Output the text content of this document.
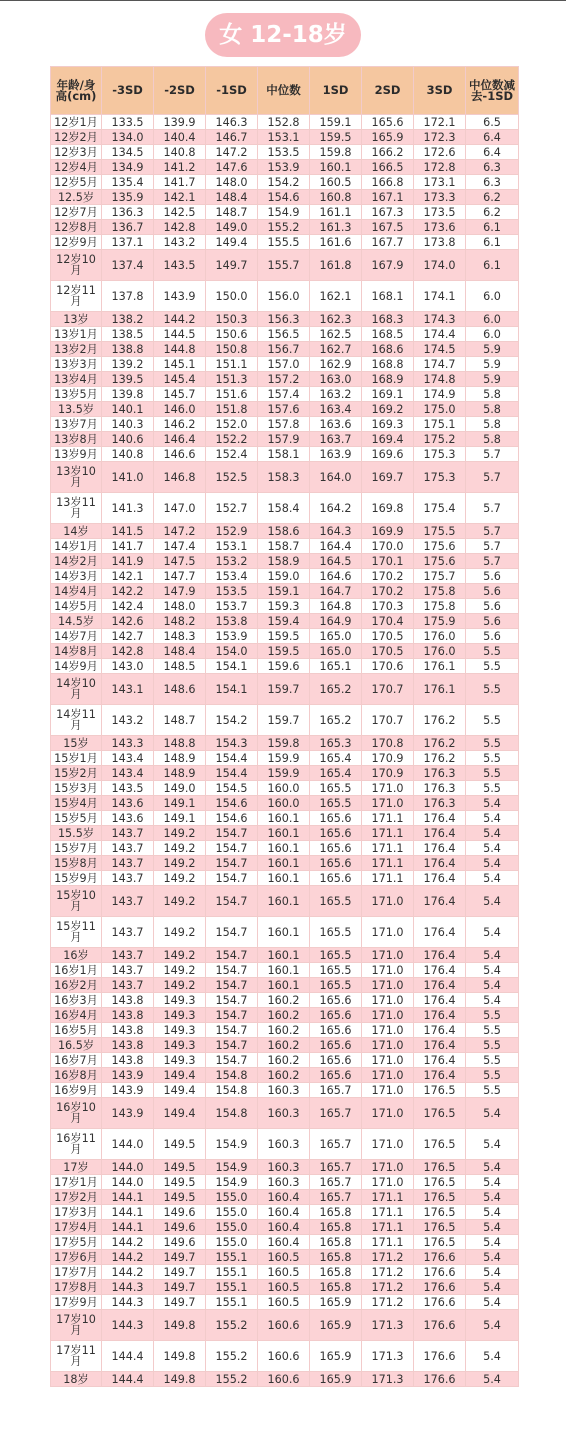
女 12-18岁
年龄/身高(cm)	-3SD	-2SD	-1SD	中位数	1SD	2SD	3SD	中位数减去-1SD
12岁1月	133.5	139.9	146.3	152.8	159.1	165.6	172.1	6.5
12岁2月	134.0	140.4	146.7	153.1	159.5	165.9	172.3	6.4
12岁3月	134.5	140.8	147.2	153.5	159.8	166.2	172.6	6.4
12岁4月	134.9	141.2	147.6	153.9	160.1	166.5	172.8	6.3
12岁5月	135.4	141.7	148.0	154.2	160.5	166.8	173.1	6.3
12.5岁	135.9	142.1	148.4	154.6	160.8	167.1	173.3	6.2
12岁7月	136.3	142.5	148.7	154.9	161.1	167.3	173.5	6.2
12岁8月	136.7	142.8	149.0	155.2	161.3	167.5	173.6	6.1
12岁9月	137.1	143.2	149.4	155.5	161.6	167.7	173.8	6.1
12岁10月	137.4	143.5	149.7	155.7	161.8	167.9	174.0	6.1
12岁11月	137.8	143.9	150.0	156.0	162.1	168.1	174.1	6.0
13岁	138.2	144.2	150.3	156.3	162.3	168.3	174.3	6.0
13岁1月	138.5	144.5	150.6	156.5	162.5	168.5	174.4	6.0
13岁2月	138.8	144.8	150.8	156.7	162.7	168.6	174.5	5.9
13岁3月	139.2	145.1	151.1	157.0	162.9	168.8	174.7	5.9
13岁4月	139.5	145.4	151.3	157.2	163.0	168.9	174.8	5.9
13岁5月	139.8	145.7	151.6	157.4	163.2	169.1	174.9	5.8
13.5岁	140.1	146.0	151.8	157.6	163.4	169.2	175.0	5.8
13岁7月	140.3	146.2	152.0	157.8	163.6	169.3	175.1	5.8
13岁8月	140.6	146.4	152.2	157.9	163.7	169.4	175.2	5.8
13岁9月	140.8	146.6	152.4	158.1	163.9	169.6	175.3	5.7
13岁10月	141.0	146.8	152.5	158.3	164.0	169.7	175.3	5.7
13岁11月	141.3	147.0	152.7	158.4	164.2	169.8	175.4	5.7
14岁	141.5	147.2	152.9	158.6	164.3	169.9	175.5	5.7
14岁1月	141.7	147.4	153.1	158.7	164.4	170.0	175.6	5.7
14岁2月	141.9	147.5	153.2	158.9	164.5	170.1	175.6	5.7
14岁3月	142.1	147.7	153.4	159.0	164.6	170.2	175.7	5.6
14岁4月	142.2	147.9	153.5	159.1	164.7	170.2	175.8	5.6
14岁5月	142.4	148.0	153.7	159.3	164.8	170.3	175.8	5.6
14.5岁	142.6	148.2	153.8	159.4	164.9	170.4	175.9	5.6
14岁7月	142.7	148.3	153.9	159.5	165.0	170.5	176.0	5.6
14岁8月	142.8	148.4	154.0	159.5	165.0	170.5	176.0	5.5
14岁9月	143.0	148.5	154.1	159.6	165.1	170.6	176.1	5.5
14岁10月	143.1	148.6	154.1	159.7	165.2	170.7	176.1	5.5
14岁11月	143.2	148.7	154.2	159.7	165.2	170.7	176.2	5.5
15岁	143.3	148.8	154.3	159.8	165.3	170.8	176.2	5.5
15岁1月	143.4	148.9	154.4	159.9	165.4	170.9	176.2	5.5
15岁2月	143.4	148.9	154.4	159.9	165.4	170.9	176.3	5.5
15岁3月	143.5	149.0	154.5	160.0	165.5	171.0	176.3	5.5
15岁4月	143.6	149.1	154.6	160.0	165.5	171.0	176.3	5.4
15岁5月	143.6	149.1	154.6	160.1	165.6	171.1	176.4	5.4
15.5岁	143.7	149.2	154.7	160.1	165.6	171.1	176.4	5.4
15岁7月	143.7	149.2	154.7	160.1	165.6	171.1	176.4	5.4
15岁8月	143.7	149.2	154.7	160.1	165.6	171.1	176.4	5.4
15岁9月	143.7	149.2	154.7	160.1	165.6	171.1	176.4	5.4
15岁10月	143.7	149.2	154.7	160.1	165.5	171.0	176.4	5.4
15岁11月	143.7	149.2	154.7	160.1	165.5	171.0	176.4	5.4
16岁	143.7	149.2	154.7	160.1	165.5	171.0	176.4	5.4
16岁1月	143.7	149.2	154.7	160.1	165.5	171.0	176.4	5.4
16岁2月	143.7	149.2	154.7	160.1	165.5	171.0	176.4	5.4
16岁3月	143.8	149.3	154.7	160.2	165.6	171.0	176.4	5.4
16岁4月	143.8	149.3	154.7	160.2	165.6	171.0	176.4	5.5
16岁5月	143.8	149.3	154.7	160.2	165.6	171.0	176.4	5.5
16.5岁	143.8	149.3	154.7	160.2	165.6	171.0	176.4	5.5
16岁7月	143.8	149.3	154.7	160.2	165.6	171.0	176.4	5.5
16岁8月	143.9	149.4	154.8	160.2	165.6	171.0	176.4	5.5
16岁9月	143.9	149.4	154.8	160.3	165.7	171.0	176.5	5.5
16岁10月	143.9	149.4	154.8	160.3	165.7	171.0	176.5	5.4
16岁11月	144.0	149.5	154.9	160.3	165.7	171.0	176.5	5.4
17岁	144.0	149.5	154.9	160.3	165.7	171.0	176.5	5.4
17岁1月	144.0	149.5	154.9	160.3	165.7	171.0	176.5	5.4
17岁2月	144.1	149.5	155.0	160.4	165.7	171.1	176.5	5.4
17岁3月	144.1	149.6	155.0	160.4	165.8	171.1	176.5	5.4
17岁4月	144.1	149.6	155.0	160.4	165.8	171.1	176.5	5.4
17岁5月	144.2	149.6	155.0	160.4	165.8	171.1	176.5	5.4
17岁6月	144.2	149.7	155.1	160.5	165.8	171.2	176.6	5.4
17岁7月	144.2	149.7	155.1	160.5	165.8	171.2	176.6	5.4
17岁8月	144.3	149.7	155.1	160.5	165.8	171.2	176.6	5.4
17岁9月	144.3	149.7	155.1	160.5	165.9	171.2	176.6	5.4
17岁10月	144.3	149.8	155.2	160.6	165.9	171.3	176.6	5.4
17岁11月	144.4	149.8	155.2	160.6	165.9	171.3	176.6	5.4
18岁	144.4	149.8	155.2	160.6	165.9	171.3	176.6	5.4
